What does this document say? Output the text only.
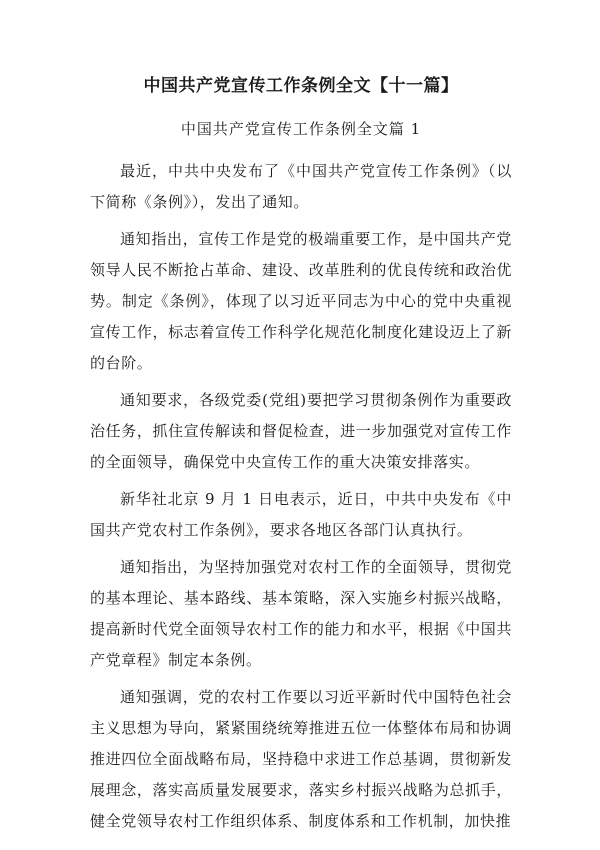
中国共产党宣传工作条例全文【十一篇】
中国共产党宣传工作条例全文篇 1

最近，中共中央发布了《中国共产党宣传工作条例》（以下简称《条例》），发出了通知。

通知指出，宣传工作是党的极端重要工作，是中国共产党领导人民不断抢占革命、建设、改革胜利的优良传统和政治优势。制定《条例》，体现了以习近平同志为中心的党中央重视宣传工作，标志着宣传工作科学化规范化制度化建设迈上了新的台阶。

通知要求，各级党委(党组)要把学习贯彻条例作为重要政治任务，抓住宣传解读和督促检查，进一步加强党对宣传工作的全面领导，确保党中央宣传工作的重大决策安排落实。

新华社北京 9 月 1 日电表示，近日，中共中央发布《中国共产党农村工作条例》，要求各地区各部门认真执行。

通知指出，为坚持加强党对农村工作的全面领导，贯彻党的基本理论、基本路线、基本策略，深入实施乡村振兴战略，提高新时代党全面领导农村工作的能力和水平，根据《中国共产党章程》制定本条例。

通知强调，党的农村工作要以习近平新时代中国特色社会主义思想为导向，紧紧围绕统筹推进五位一体整体布局和协调推进四位全面战略布局，坚持稳中求进工作总基调，贯彻新发展理念，落实高质量发展要求，落实乡村振兴战略为总抓手，健全党领导农村工作组织体系、制度体系和工作机制，加快推
